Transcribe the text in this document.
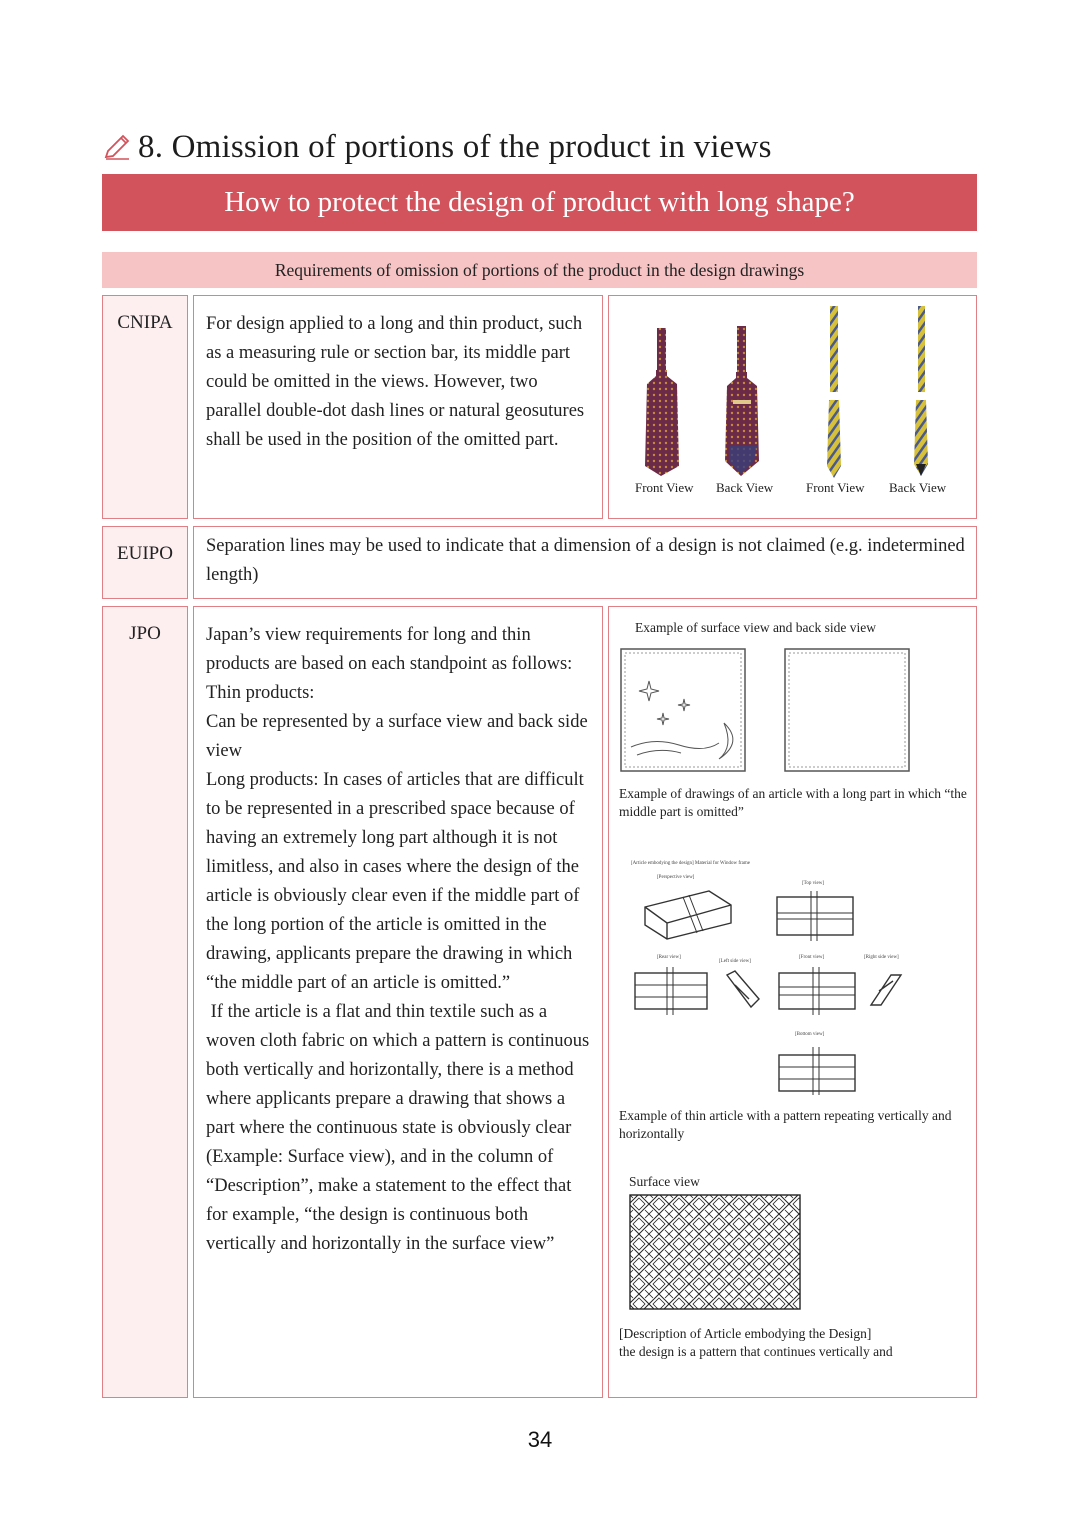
8.
Omission of portions of the product in views
How to protect the design of product with long shape?
Requirements of omission of portions of the product in the design drawings
CNIPA	For design applied to a long and thin product, such as a measuring rule or section bar, its middle part could be omitted in the views. However, two parallel double-dot dash lines or natural geosutures shall be used in the position of the omitted part.
Front View Back View	Front View Back View
EUIPO	Separation lines may be used to indicate that a dimension of a design is not claimed (e.g. indetermined length)
JPO	Japan’s view requirements for long and thin products are based on each standpoint as follows:
Thin products:
Can be represented by a surface view and back side view
Long products: In cases of articles that are difficult to be represented in a prescribed space because of having an extremely long part although it is not limitless, and also in cases where the design of the article is obviously clear even if the middle part of the long portion of the article is omitted in the drawing, applicants prepare the drawing in which “the middle part of an article is omitted.”
If the article is a flat and thin textile such as a woven cloth fabric on which a pattern is continuous both vertically and horizontally, there is a method where applicants prepare a drawing that shows a part where the continuous state is obviously clear (Example: Surface view), and in the column of “Description”, make a statement to the effect that for example, “the design is continuous both vertically and horizontally in the surface view”
Example of surface view and back side view
Example of drawings of an article with a long part in which “the middle part is omitted”
[Article embodying the design] Material for Window frame
[Perspective view]
[Top view]
[Rear view]
[Left side view]
[Front view]	[Right side view]
[Bottom view]
Example of thin article with a pattern repeating vertically and horizontally
Surface view
[Description of Article embodying the Design]
the design is a pattern that continues vertically and
34
